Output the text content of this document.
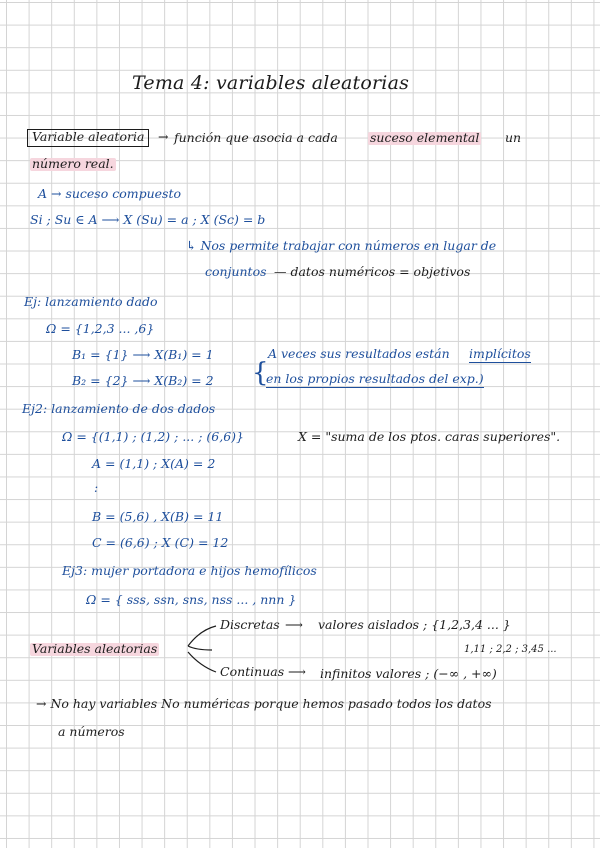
Tema 4: variables aleatorias
Variable aleatoria	→ función que asocia a cada	suceso elemental un
número real.
A → suceso compuesto
Si ; Su ∈ A ⟶ X (Su) = a ; X (Sc) = b
↳ Nos permite trabajar con números en lugar de
conjuntos — datos numéricos = objetivos
Ej: lanzamiento dado
Ω = {1,2,3 ... ,6}
B₁ = {1} ⟶ X(B₁) = 1
B₂ = {2} ⟶ X(B₂) = 2 {
A veces sus resultados están implícitos
en los propios resultados del exp.)
Ej2: lanzamiento de dos dados
Ω = {(1,1) ; (1,2) ; ... ; (6,6)}	X = "suma de los ptos. caras superiores".
A = (1,1) ; X(A) = 2
:
B = (5,6) , X(B) = 11
C = (6,6) ; X (C) = 12
Ej3: mujer portadora e hijos hemofílicos
Ω = { sss, ssn, sns, nss ... , nnn }
Variables aleatorias
Discretas ⟶ valores aislados ; {1,2,3,4 ... }
1,11 ; 2,2 ; 3,45 ...
Continuas ⟶ infinitos valores ; (−∞ , +∞)
→ No hay variables No numéricas porque hemos pasado todos los datos
a números
